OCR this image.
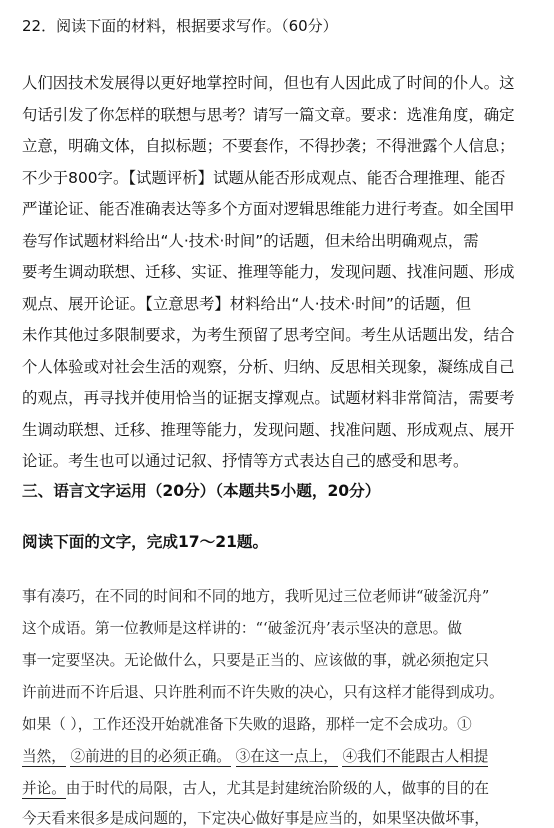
22．阅读下面的材料，根据要求写作。（60分）
人们因技术发展得以更好地掌控时间，但也有人因此成了时间的仆人。这
句话引发了你怎样的联想与思考？请写一篇文章。要求：选准角度，确定
立意，明确文体，自拟标题；不要套作，不得抄袭；不得泄露个人信息；
不少于800字。【试题评析】试题从能否形成观点、能否合理推理、能否
严谨论证、能否准确表达等多个方面对逻辑思维能力进行考查。如全国甲
卷写作试题材料给出“人·技术·时间”的话题，但未给出明确观点，需
要考生调动联想、迁移、实证、推理等能力，发现问题、找准问题、形成
观点、展开论证。【立意思考】材料给出“人·技术·时间”的话题，但
未作其他过多限制要求，为考生预留了思考空间。考生从话题出发，结合
个人体验或对社会生活的观察，分析、归纳、反思相关现象，凝练成自己
的观点，再寻找并使用恰当的证据支撑观点。试题材料非常简洁，需要考
生调动联想、迁移、推理等能力，发现问题、找准问题、形成观点、展开
论证。考生也可以通过记叙、抒情等方式表达自己的感受和思考。
三、语言文字运用（20分）（本题共5小题，20分）
阅读下面的文字，完成17～21题。
事有凑巧，在不同的时间和不同的地方，我听见过三位老师讲“破釜沉舟”
这个成语。第一位教师是这样讲的：“‘破釜沉舟’表示坚决的意思。做
事一定要坚决。无论做什么，只要是正当的、应该做的事，就必须抱定只
许前进而不许后退、只许胜利而不许失败的决心，只有这样才能得到成功。
如果（ ），工作还没开始就准备下失败的退路，那样一定不会成功。①
当然， ②前进的目的必须正确。 ③在这一点上， ④我们不能跟古人相提
并论。由于时代的局限，古人，尤其是封建统治阶级的人，做事的目的在
今天看来很多是成问题的，下定决心做好事是应当的，如果坚决做坏事，
